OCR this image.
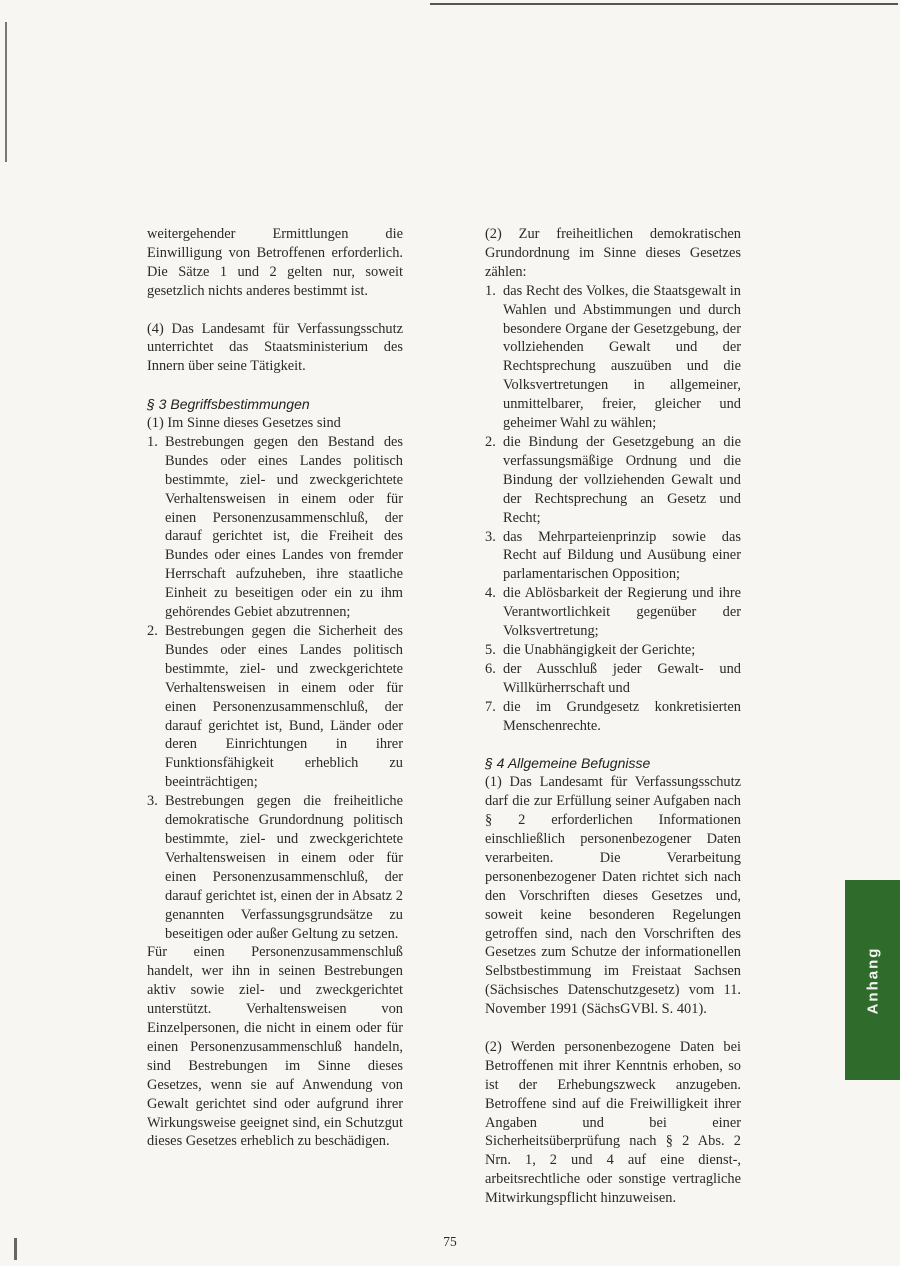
weitergehender Ermittlungen die Einwilligung von Betroffenen erforderlich. Die Sätze 1 und 2 gelten nur, soweit gesetzlich nichts anderes bestimmt ist.

(4) Das Landesamt für Verfassungsschutz unterrichtet das Staatsministerium des Innern über seine Tätigkeit.

§ 3 Begriffsbestimmungen

(1) Im Sinne dieses Gesetzes sind

1. Bestrebungen gegen den Bestand des Bundes oder eines Landes politisch bestimmte, ziel- und zweckgerichtete Verhaltensweisen in einem oder für einen Personenzusammenschluß, der darauf gerichtet ist, die Freiheit des Bundes oder eines Landes von fremder Herrschaft aufzuheben, ihre staatliche Einheit zu beseitigen oder ein zu ihm gehörendes Gebiet abzutrennen;
2. Bestrebungen gegen die Sicherheit des Bundes oder eines Landes politisch bestimmte, ziel- und zweckgerichtete Verhaltensweisen in einem oder für einen Personenzusammenschluß, der darauf gerichtet ist, Bund, Länder oder deren Einrichtungen in ihrer Funktionsfähigkeit erheblich zu beeinträchtigen;
3. Bestrebungen gegen die freiheitliche demokratische Grundordnung politisch bestimmte, ziel- und zweckgerichtete Verhaltensweisen in einem oder für einen Personenzusammenschluß, der darauf gerichtet ist, einen der in Absatz 2 genannten Verfassungsgrundsätze zu beseitigen oder außer Geltung zu setzen.

Für einen Personenzusammenschluß handelt, wer ihn in seinen Bestrebungen aktiv sowie ziel- und zweckgerichtet unterstützt. Verhaltensweisen von Einzelpersonen, die nicht in einem oder für einen Personenzusammenschluß handeln, sind Bestrebungen im Sinne dieses Gesetzes, wenn sie auf Anwendung von Gewalt gerichtet sind oder aufgrund ihrer Wirkungsweise geeignet sind, ein Schutzgut dieses Gesetzes erheblich zu beschädigen.

(2) Zur freiheitlichen demokratischen Grundordnung im Sinne dieses Gesetzes zählen:

1. das Recht des Volkes, die Staatsgewalt in Wahlen und Abstimmungen und durch besondere Organe der Gesetzgebung, der vollziehenden Gewalt und der Rechtsprechung auszuüben und die Volksvertretungen in allgemeiner, unmittelbarer, freier, gleicher und geheimer Wahl zu wählen;
2. die Bindung der Gesetzgebung an die verfassungsmäßige Ordnung und die Bindung der vollziehenden Gewalt und der Rechtsprechung an Gesetz und Recht;
3. das Mehrparteienprinzip sowie das Recht auf Bildung und Ausübung einer parlamentarischen Opposition;
4. die Ablösbarkeit der Regierung und ihre Verantwortlichkeit gegenüber der Volksvertretung;
5. die Unabhängigkeit der Gerichte;
6. der Ausschluß jeder Gewalt- und Willkürherrschaft und
7. die im Grundgesetz konkretisierten Menschenrechte.
§ 4 Allgemeine Befugnisse

(1) Das Landesamt für Verfassungsschutz darf die zur Erfüllung seiner Aufgaben nach § 2 erforderlichen Informationen einschließlich personenbezogener Daten verarbeiten. Die Verarbeitung personenbezogener Daten richtet sich nach den Vorschriften dieses Gesetzes und, soweit keine besonderen Regelungen getroffen sind, nach den Vorschriften des Gesetzes zum Schutze der informationellen Selbstbestimmung im Freistaat Sachsen (Sächsisches Datenschutzgesetz) vom 11. November 1991 (SächsGVBl. S. 401).

(2) Werden personenbezogene Daten bei Betroffenen mit ihrer Kenntnis erhoben, so ist der Erhebungszweck anzugeben. Betroffene sind auf die Freiwilligkeit ihrer Angaben und bei einer Sicherheitsüberprüfung nach § 2 Abs. 2 Nrn. 1, 2 und 4 auf eine dienst-, arbeitsrechtliche oder sonstige vertragliche Mitwirkungspflicht hinzuweisen.

Anhang
75
